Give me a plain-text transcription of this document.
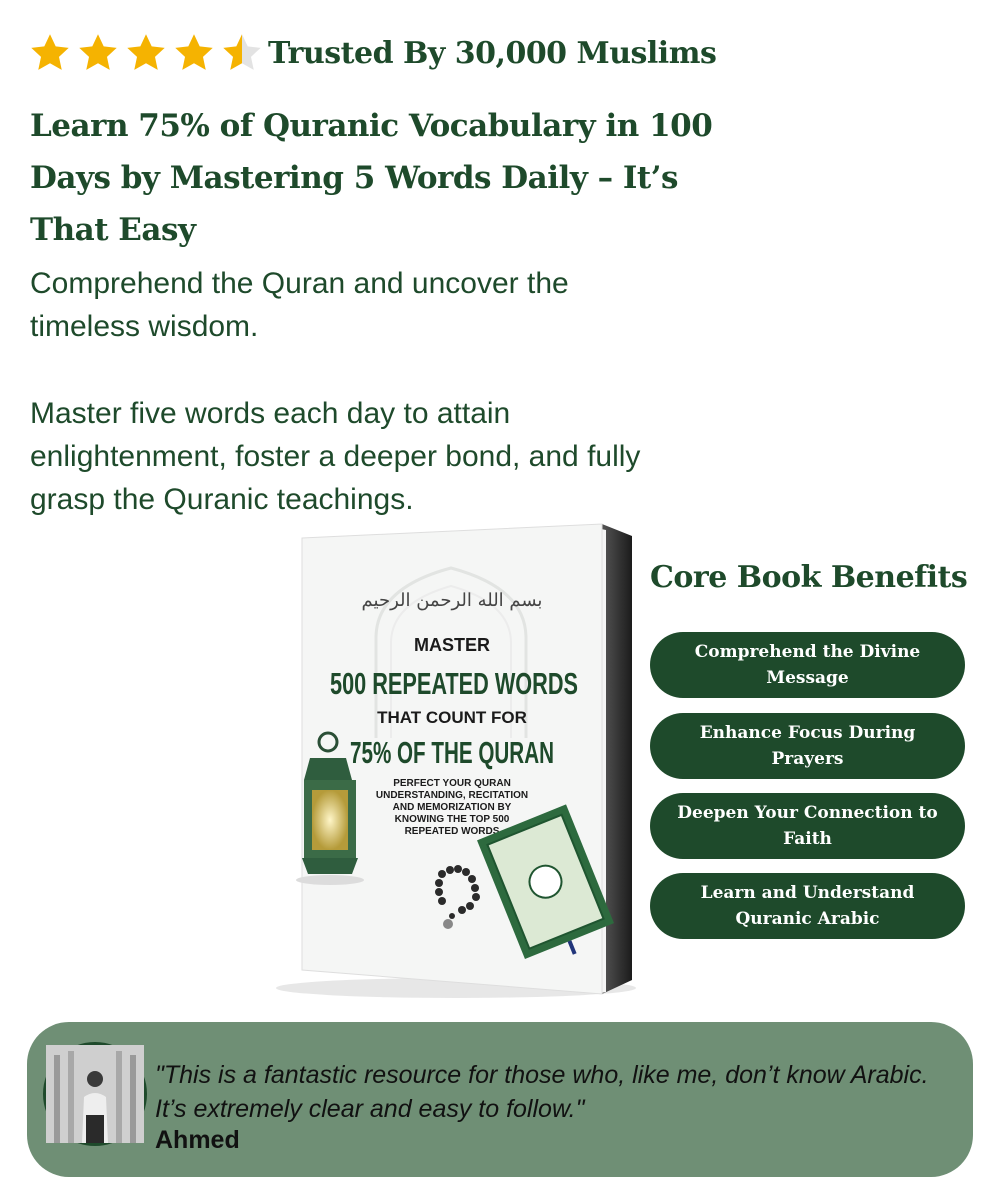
Trusted By 30,000 Muslims
Learn 75% of Quranic Vocabulary in 100 Days by Mastering 5 Words Daily – It’s That Easy

Comprehend the Quran and uncover the timeless wisdom.

Master five words each day to attain enlightenment, foster a deeper bond, and fully grasp the Quranic teachings.

بسم الله الرحمن الرحيم
MASTER
500 REPEATED WORDS
THAT COUNT FOR
75% OF THE QURAN
PERFECT YOUR QURAN
UNDERSTANDING, RECITATION
AND MEMORIZATION BY
KNOWING THE TOP 500
REPEATED WORDS
Core Book Benefits
Comprehend the Divine Message
Enhance Focus During Prayers
Deepen Your Connection to Faith
Learn and Understand Quranic Arabic

"This is a fantastic resource for those who, like me, don’t know Arabic. It’s extremely clear and easy to follow."

Ahmed
